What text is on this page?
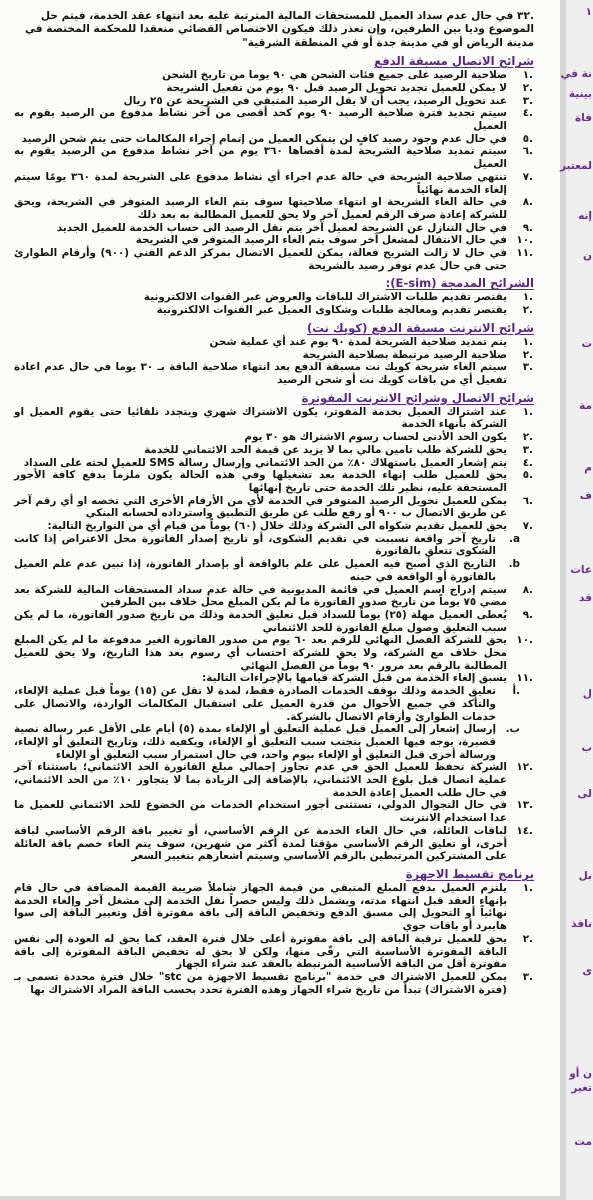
.٣٢ في حال عدم سداد العميل للمستحقات المالية المترتبة عليه بعد انتهاء عقد الخدمة، فيتم حل الموضوع وديا بين الطرفين، وإن تعذر ذلك فيكون الاختصاص القضائي منعقدا للمحكمة المختصة في مدينة الرياض أو في مدينة جدة أو في المنطقة الشرقية"

شرائح الاتصال مسبقة الدفع
.١
صلاحية الرصيد على جميع فئات الشحن هي ٩٠ يوما من تاريخ الشحن
.٢
لا يمكن للعميل تجديد تحويل الرصيد قبل ٩٠ يوم من تفعيل الشريحة
.٣
عند تحويل الرصيد، يجب أن لا يقل الرصيد المتبقي في الشريحة عن ٢٥ ريال
.٤
سيتم تجديد فترة صلاحية الرصيد ٩٠ يوم كحد أقصى من آخر نشاط مدفوع من الرصيد يقوم به العميل
.٥
في حال عدم وجود رصيد كافٍ لن يتمكن العميل من إتمام إجراء المكالمات حتى يتم شحن الرصيد
.٦
سيتم تمديد صلاحية الشريحة لمدة أقصاها ٣٦٠ يوم من آخر نشاط مدفوع من الرصيد يقوم به العميل
.٧
تنتهي صلاحية الشريحة في حالة عدم اجراء أي نشاط مدفوع على الشريحة لمدة ٣٦٠ يومًا سيتم إلغاء الخدمة نهائياً
.٨
في حالة الغاء الشريحة او انتهاء صلاحيتها سوف يتم الغاء الرصيد المتوفر في الشريحة، ويحق للشركة إعادة صرف الرقم لعميل آخر ولا يحق للعميل المطالبة به بعد ذلك
.٩
في حال التنازل عن الشريحة لعميل آخر يتم نقل الرصيد الى حساب الخدمة للعميل الجديد
.١٠
في حال الانتقال لمشغل آخر سوف يتم الغاء الرصيد المتوفر في الشريحة
.١١
في حال لا زالت الشريح فعالة، يمكن للعميل الاتصال بمركز الدعم الفني (٩٠٠) وأرقام الطوارئ حتى في حال عدم توفر رصيد بالشريحة
الشرائح المدمجة (E-sim):
.١
يقتصر تقديم طلبات الاشتراك للباقات والعروض عبر القنوات الالكترونية
.٢
يقتصر تقديم ومعالجة طلبات وشكاوى العميل عبر القنوات الالكترونية
شرائح الانترنت مسبقة الدفع (كويك نت)
.١
يتم تمديد صلاحية الشريحة لمدة ٩٠ يوم عند أي عملية شحن
.٢
صلاحية الرصيد مرتبطة بصلاحية الشريحة
.٣
سيتم الغاء شريحة كويك نت مسبقة الدفع بعد انتهاء صلاحية الباقة بـ ٣٠ يوما في حال عدم اعادة تفعيل أي من باقات كويك نت أو شحن الرصيد
شرائح الاتصال وشرائح الانترنت المفوترة
.١
عند اشتراك العميل بخدمة المفوتر، يكون الاشتراك شهري ويتجدد تلقائيا حتى يقوم العميل او الشركة بأنهاء الخدمة
.٢
يكون الحد الأدنى لحساب رسوم الاشتراك هو ٣٠ يوم
.٣
يحق للشركة طلب تامين مالي بما لا يزيد عن قيمة الحد الائتماني للخدمة
.٤
يتم إشعار العميل باستهلاك ٨٠٪ من الحد الائتماني وإرسال رسالة SMS للعميل لحثه على السداد
.٥
يحق للعميل طلب إنهاء الخدمة بعد تشغيلها وفي هذه الحالة يكون ملزماً بدفع كافة الأجور المستحقة عليه، نظير تلك الخدمة حتى تاريخ إنهائها
.٦
يمكن للعميل تحويل الرصيد المتوفر في الخدمة لأي من الأرقام الأخرى التي تخصه او أي رقم آخر عن طريق الاتصال ب ٩٠٠ أو رفع طلب عن طريق التطبيق واسترداده لحسابه البنكي
.٧
يحق للعميل تقديم شكواه الى الشركة وذلك خلال (٦٠) يوماً من قيام أي من التواريخ التالية:
a.
تاريخ آخر واقعة تسببت في تقديم الشكوى، أو تاريخ إصدار الفاتورة محل الاعتراض إذا كانت الشكوى تتعلق بالفاتورة
b.
التاريخ الذي أصبح فيه العميل على علم بالواقعة أو بإصدار الفاتورة، إذا تبين عدم علم العميل بالفاتورة أو الواقعة في حينه
.٨
سيتم إدراج اسم العميل في قائمة المديونية في حالة عدم سداد المستحقات المالية للشركة بعد مضي ٧٥ يوماً من تاريخ صدور الفاتورة ما لم يكن المبلغ محل خلاف بين الطرفين
.٩
يُعطى العميل مهلة (٢٥) يوماً للسداد قبل تعليق الخدمة وذلك من تاريخ صدور الفاتورة، ما لم يكن سبب التعليق وصول مبلغ الفاتورة للحد الائتماني
.١٠
يحق للشركة الفصل النهائي للرقم بعد ٦٠ يوم من صدور الفاتورة الغير مدفوعة ما لم يكن المبلغ محل خلاف مع الشركة، ولا يحق للشركة احتساب أي رسوم بعد هذا التاريخ، ولا يحق للعميل المطالبة بالرقم بعد مرور ٩٠ يوماً من الفصل النهائي
.١١
يسبق إلغاء الخدمة من قبل الشركة قيامها بالإجراءات التالية:
.أ
تعليق الخدمة وذلك بوقف الخدمات الصادرة فقط، لمدة لا تقل عن (١٥) يوماً قبل عملية الإلغاء، والتأكد في جميع الأحوال من قدرة العميل على استقبال المكالمات الواردة، والاتصال على خدمات الطوارئ وأرقام الاتصال بالشركة.
ب.
إرسال إشعار إلى العميل قبل عملية التعليق أو الإلغاء بمدة (٥) أيام على الأقل عبر رسالة نصية قصيرة، يوجه فيها العميل بتجنب سبب التعليق أو الإلغاء، ويكفيه ذلك، وتاريخ التعليق أو الإلغاء، ورسالة أخرى قبل التعليق أو الإلغاء بيوم واحد، في حال استمرار سبب التعليق أو الإلغاء
.١٢
الشركة تحفظ للعميل الحق في عدم تجاوز إجمالي مبلغ الفاتورة الحد الائتماني؛ باستثناء آخر عملية اتصال قبل بلوغ الحد الائتماني، بالإضافة إلى الزيادة بما لا يتجاوز ١٠٪ من الحد الائتماني، في حال طلب العميل إعادة الخدمة
.١٣
في حال التجوال الدولي، تستثنى أجور استخدام الخدمات من الخضوع للحد الائتماني للعميل ما عدا استخدام الانترنت
.١٤
لباقات العائلة، في حال الغاء الخدمة عن الرقم الأساسي، أو تغيير باقة الرقم الأساسي لباقة أخرى، أو تعليق الرقم الأساسي مؤقتا لمدة أكثر من شهرين، سوف يتم الغاء خصم باقة العائلة على المشتركين المرتبطين بالرقم الأساسي وسيتم اشعارهم بتغيير السعر
برنامج تقسيط الاجهزة
.١
يلتزم العميل بدفع المبلغ المتبقي من قيمة الجهاز شاملاً ضريبة القيمة المضافة في حال قام بإنهاء العقد قبل انتهاء مدته، ويشمل ذلك وليس حصراً نقل الخدمة إلى مشغل آخر وإلغاء الخدمة نهائياً أو التحويل إلى مسبق الدفع وتخفيض الباقة إلى باقة مفوترة أقل وتغيير الباقة إلى سوا هايبرد أو باقات جوي
.٢
يحق للعميل ترقية الباقة إلى باقة مفوترة أعلى خلال فترة العقد، كما يحق له العودة إلى نفس الباقة المفوترة الأساسية التي رقّى منها، ولكن لا يحق له تخفيض الباقة المفوترة إلى باقة مفوترة أقل من الباقة الأساسية المرتبطة بالعقد عند شراء الجهاز
.٣
يمكن للعميل الاشتراك في خدمة "برنامج تقسيط الاجهزة من stc" خلال فترة محددة تسمى بـ (فترة الاشتراك) تبدأ من تاريخ شراء الجهاز وهذه الفترة تحدد بحسب الباقة المراد الاشتراك بها
١
نة في
بينية
فاة
لمعتبر
إنه
ن
ت
مة
م
ف
عات
قد
ل
ب
لى
بل
نافذ
ى
ن أو
تغير
مت
